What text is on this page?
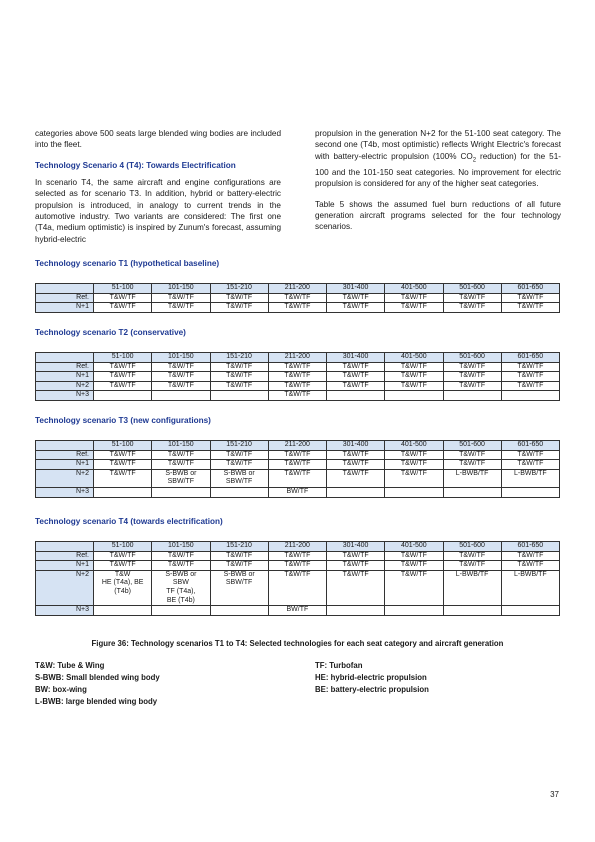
categories above 500 seats large blended wing bodies are included into the fleet.

Technology Scenario 4 (T4): Towards Electrification

In scenario T4, the same aircraft and engine configurations are selected as for scenario T3. In addition, hybrid or battery-electric propulsion is introduced, in analogy to current trends in the automotive industry. Two variants are considered: The first one (T4a, medium optimistic) is inspired by Zunum's forecast, assuming hybrid-electric

propulsion in the generation N+2 for the 51-100 seat category. The second one (T4b, most optimistic) reflects Wright Electric's forecast with battery-electric propulsion (100% $CO_2$ reduction) for the 51-100 and the 101-150 seat categories. No improvement for electric propulsion is considered for any of the higher seat categories.

Table 5 shows the assumed fuel burn reductions of all future generation aircraft programs selected for the four technology scenarios.

Technology scenario T1 (hypothetical baseline)
	51-100	101-150	151-210	211-200	301-400	401-500	501-600	601-650
Ref.	T&W/TF	T&W/TF	T&W/TF	T&W/TF	T&W/TF	T&W/TF	T&W/TF	T&W/TF
N+1	T&W/TF	T&W/TF	T&W/TF	T&W/TF	T&W/TF	T&W/TF	T&W/TF	T&W/TF
Technology scenario T2 (conservative)
	51-100	101-150	151-210	211-200	301-400	401-500	501-600	601-650
Ref.	T&W/TF	T&W/TF	T&W/TF	T&W/TF	T&W/TF	T&W/TF	T&W/TF	T&W/TF
N+1	T&W/TF	T&W/TF	T&W/TF	T&W/TF	T&W/TF	T&W/TF	T&W/TF	T&W/TF
N+2	T&W/TF	T&W/TF	T&W/TF	T&W/TF	T&W/TF	T&W/TF	T&W/TF	T&W/TF
N+3				T&W/TF				
Technology scenario T3 (new configurations)
	51-100	101-150	151-210	211-200	301-400	401-500	501-600	601-650
Ref.	T&W/TF	T&W/TF	T&W/TF	T&W/TF	T&W/TF	T&W/TF	T&W/TF	T&W/TF
N+1	T&W/TF	T&W/TF	T&W/TF	T&W/TF	T&W/TF	T&W/TF	T&W/TF	T&W/TF
N+2	T&W/TF	S-BWB or
SBW/TF	S-BWB or
SBW/TF	T&W/TF	T&W/TF	T&W/TF	L-BWB/TF	L-BWB/TF
N+3				BW/TF				
Technology scenario T4 (towards electrification)
	51-100	101-150	151-210	211-200	301-400	401-500	501-600	601-650
Ref.	T&W/TF	T&W/TF	T&W/TF	T&W/TF	T&W/TF	T&W/TF	T&W/TF	T&W/TF
N+1	T&W/TF	T&W/TF	T&W/TF	T&W/TF	T&W/TF	T&W/TF	T&W/TF	T&W/TF
N+2	T&W
HE (T4a), BE
(T4b)	S-BWB or
SBW
TF (T4a),
BE (T4b)	S-BWB or
SBW/TF	T&W/TF	T&W/TF	T&W/TF	L-BWB/TF	L-BWB/TF
N+3				BW/TF				
Figure 36: Technology scenarios T1 to T4: Selected technologies for each seat category and aircraft generation
T&W: Tube & Wing
S-BWB: Small blended wing body
BW: box-wing
L-BWB: large blended wing body
TF: Turbofan
HE: hybrid-electric propulsion
BE: battery-electric propulsion
37
